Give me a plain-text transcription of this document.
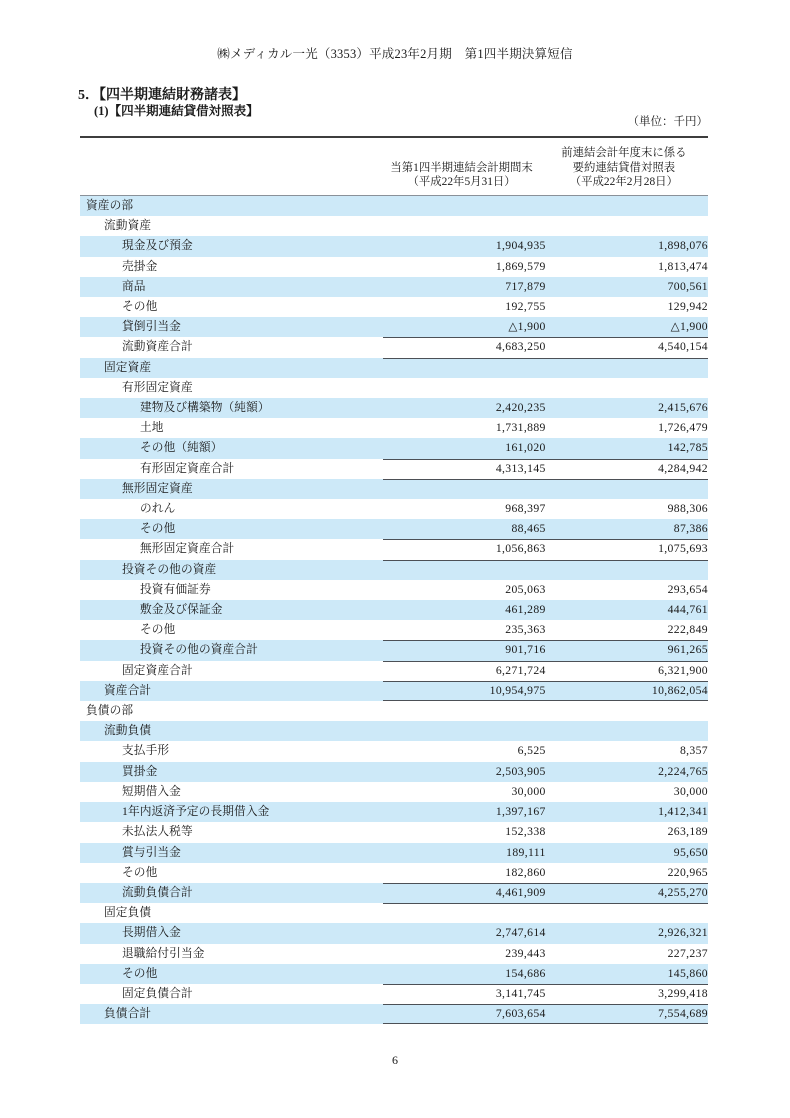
㈱メディカル一光（3353）平成23年2月期　第1四半期決算短信
5．【四半期連結財務諸表】
(1)【四半期連結貸借対照表】
（単位：千円）

当第1四半期連結会計期間末
（平成22年5月31日）

前連結会計年度末に係る
要約連結貸借対照表
（平成22年2月28日）

資産の部		
流動資産		
現金及び預金	1,904,935	1,898,076
売掛金	1,869,579	1,813,474
商品	717,879	700,561
その他	192,755	129,942
貸倒引当金	△1,900	△1,900
流動資産合計	4,683,250	4,540,154
固定資産		
有形固定資産		
建物及び構築物（純額）	2,420,235	2,415,676
土地	1,731,889	1,726,479
その他（純額）	161,020	142,785
有形固定資産合計	4,313,145	4,284,942
無形固定資産		
のれん	968,397	988,306
その他	88,465	87,386
無形固定資産合計	1,056,863	1,075,693
投資その他の資産		
投資有価証券	205,063	293,654
敷金及び保証金	461,289	444,761
その他	235,363	222,849
投資その他の資産合計	901,716	961,265
固定資産合計	6,271,724	6,321,900
資産合計	10,954,975	10,862,054
負債の部		
流動負債		
支払手形	6,525	8,357
買掛金	2,503,905	2,224,765
短期借入金	30,000	30,000
1年内返済予定の長期借入金	1,397,167	1,412,341
未払法人税等	152,338	263,189
賞与引当金	189,111	95,650
その他	182,860	220,965
流動負債合計	4,461,909	4,255,270
固定負債		
長期借入金	2,747,614	2,926,321
退職給付引当金	239,443	227,237
その他	154,686	145,860
固定負債合計	3,141,745	3,299,418
負債合計	7,603,654	7,554,689
6
